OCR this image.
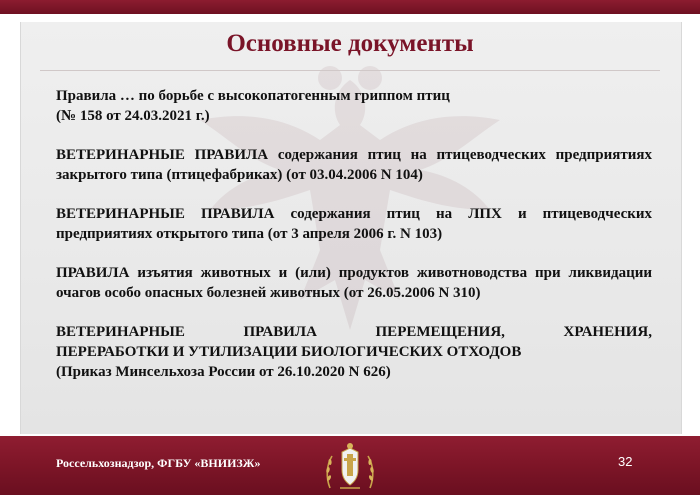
Основные документы

Правила … по борьбе с высокопатогенным гриппом птиц
(№ 158 от 24.03.2021 г.)

ВЕТЕРИНАРНЫЕ ПРАВИЛА содержания птиц на птицеводческих предприятиях закрытого типа (птицефабриках) (от 03.04.2006 N 104)

ВЕТЕРИНАРНЫЕ ПРАВИЛА содержания птиц на ЛПХ и птицеводческих предприятиях открытого типа (от 3 апреля 2006 г. N 103)

ПРАВИЛА изъятия животных и (или) продуктов животноводства при ликвидации очагов особо опасных болезней животных (от 26.05.2006 N 310)

ВЕТЕРИНАРНЫЕ ПРАВИЛА ПЕРЕМЕЩЕНИЯ, ХРАНЕНИЯ,
ПЕРЕРАБОТКИ И УТИЛИЗАЦИИ БИОЛОГИЧЕСКИХ ОТХОДОВ
(Приказ Минсельхоза России от 26.10.2020 N 626)

Россельхознадзор, ФГБУ «ВНИИЗЖ»	32
